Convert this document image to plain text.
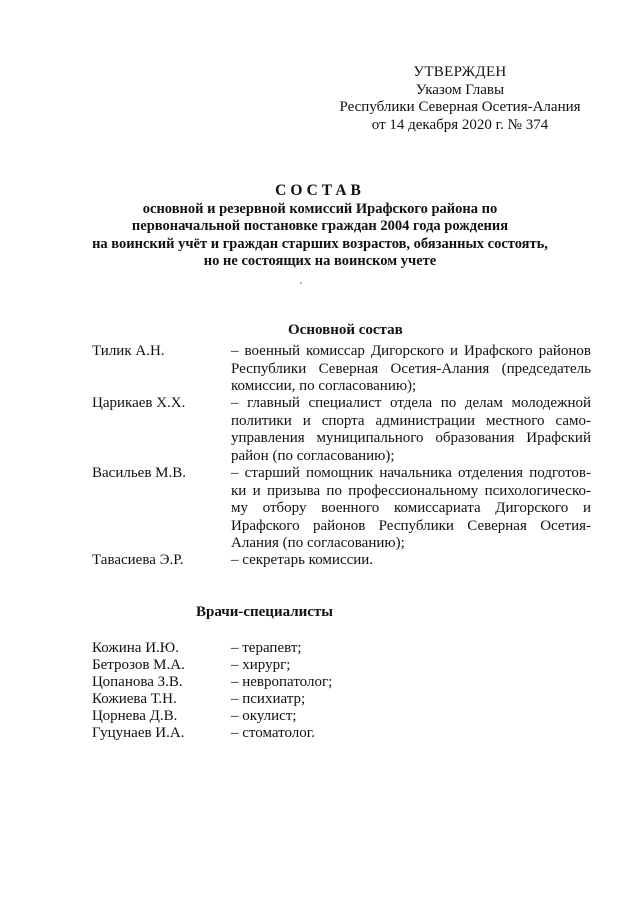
УТВЕРЖДЕН
Указом Главы
Республики Северная Осетия-Алания
от 14 декабря 2020 г. № 374
СОСТАВ
основной и резервной комиссий Ирафского района по
первоначальной постановке граждан 2004 года рождения
на воинский учёт и граждан старших возрастов, обязанных состоять,
но не состоящих на воинском учете
Основной состав
Тилик А.Н.	– военный комиссар Дигорского и Ирафского районов
Республики Северная Осетия-Алания (председатель
комиссии, по согласованию);
Царикаев Х.Х.	– главный специалист отдела по делам молодежной
политики и спорта администрации местного само-
управления муниципального образования Ирафский
район (по согласованию);
Васильев М.В.	– старший помощник начальника отделения подготов-
ки и призыва по профессиональному психологическо-
му отбору военного комиссариата Дигорского и
Ирафского районов Республики Северная Осетия-
Алания (по согласованию);
Тавасиева Э.Р.	– секретарь комиссии.
Врачи-специалисты
Кожина И.Ю.	– терапевт;
Бетрозов М.А.	– хирург;
Цопанова З.В.	– невропатолог;
Кожиева Т.Н.	– психиатр;
Цорнева Д.В.	– окулист;
Гуцунаев И.А.	– стоматолог.
